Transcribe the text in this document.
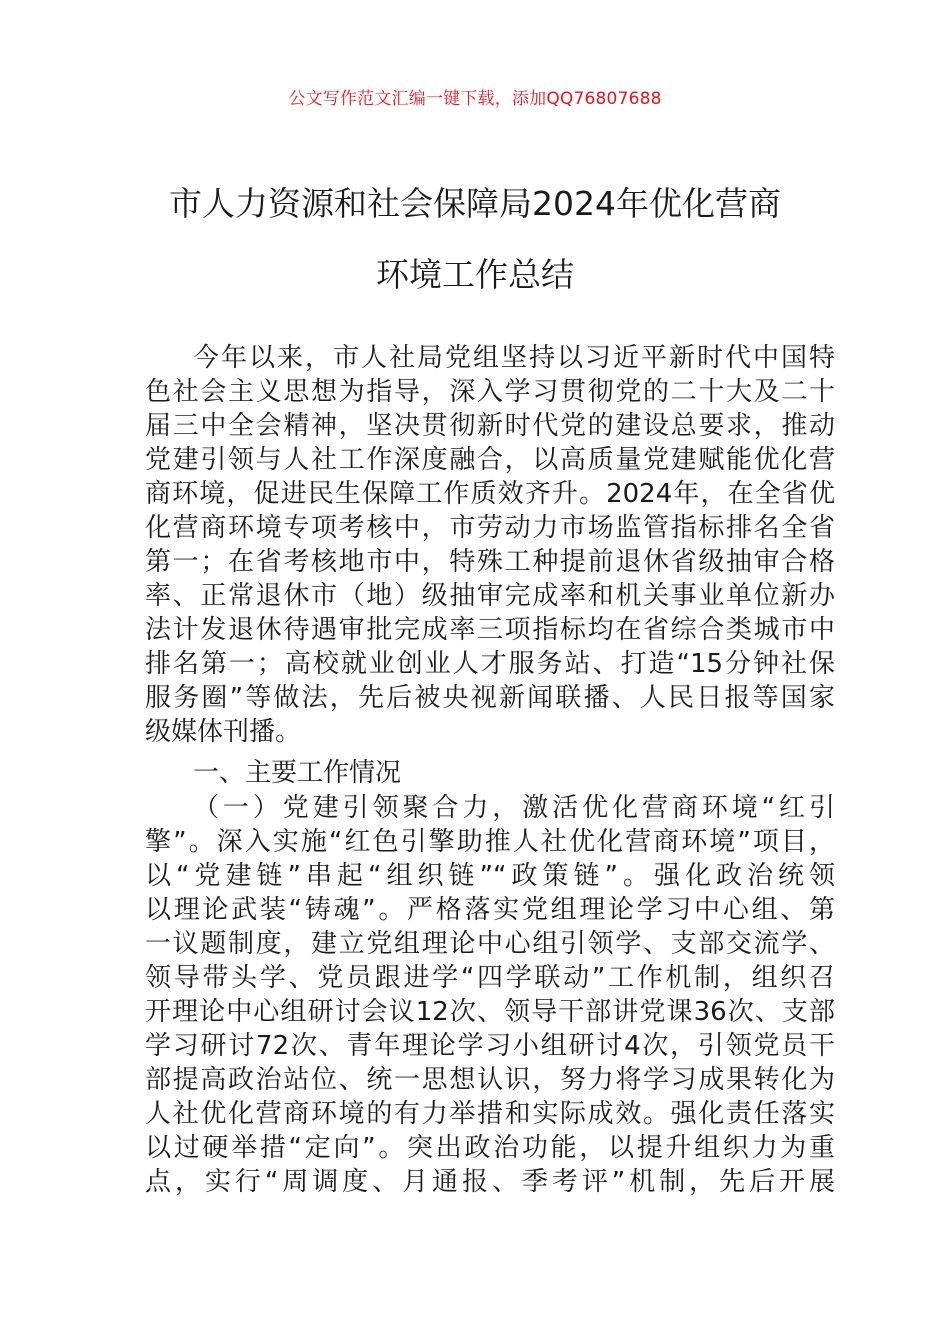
公文写作范文汇编一键下载，添加QQ76807688
市人力资源和社会保障局2024年优化营商
环境工作总结
今年以来，市人社局党组坚持以习近平新时代中国特
色社会主义思想为指导，深入学习贯彻党的二十大及二十
届三中全会精神，坚决贯彻新时代党的建设总要求，推动
党建引领与人社工作深度融合，以高质量党建赋能优化营
商环境，促进民生保障工作质效齐升。2024年，在全省优
化营商环境专项考核中，市劳动力市场监管指标排名全省
第一；在省考核地市中，特殊工种提前退休省级抽审合格
率、正常退休市（地）级抽审完成率和机关事业单位新办
法计发退休待遇审批完成率三项指标均在省综合类城市中
排名第一；高校就业创业人才服务站、打造“15分钟社保
服务圈”等做法，先后被央视新闻联播、人民日报等国家
级媒体刊播。
一、主要工作情况
（一）党建引领聚合力，激活优化营商环境“红引
擎”。深入实施“红色引擎助推人社优化营商环境”项目，
以“党建链”串起“组织链”“政策链”。强化政治统领
以理论武装“铸魂”。严格落实党组理论学习中心组、第
一议题制度，建立党组理论中心组引领学、支部交流学、
领导带头学、党员跟进学“四学联动”工作机制，组织召
开理论中心组研讨会议12次、领导干部讲党课36次、支部
学习研讨72次、青年理论学习小组研讨4次，引领党员干
部提高政治站位、统一思想认识，努力将学习成果转化为
人社优化营商环境的有力举措和实际成效。强化责任落实
以过硬举措“定向”。突出政治功能，以提升组织力为重
点，实行“周调度、月通报、季考评”机制，先后开展
